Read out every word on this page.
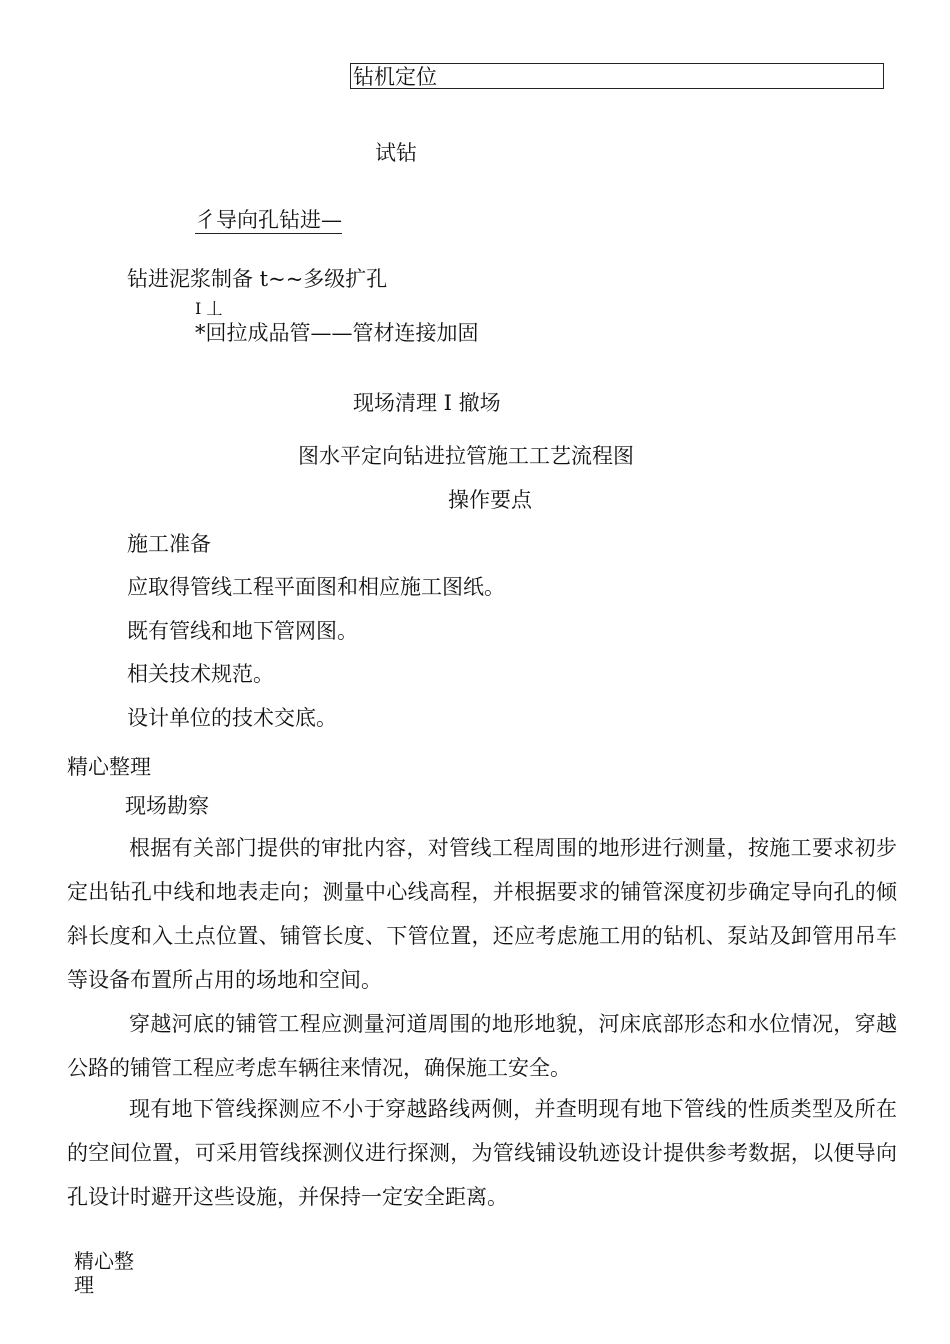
钻机定位
试钻
彳导向孔钻进—
钻进泥浆制备 t~~多级扩孔
I 丄
*回拉成品管——管材连接加固
现场清理 I 撤场
图水平定向钻进拉管施工工艺流程图
操作要点
施工准备
应取得管线工程平面图和相应施工图纸。
既有管线和地下管网图。
相关技术规范。
设计单位的技术交底。
精心整理
现场勘察
根据有关部门提供的审批内容，对管线工程周围的地形进行测量，按施工要求初步定出钻孔中线和地表走向；测量中心线高程，并根据要求的铺管深度初步确定导向孔的倾斜长度和入土点位置、铺管长度、下管位置，还应考虑施工用的钻机、泵站及卸管用吊车等设备布置所占用的场地和空间。
穿越河底的铺管工程应测量河道周围的地形地貌，河床底部形态和水位情况，穿越公路的铺管工程应考虑车辆往来情况，确保施工安全。
现有地下管线探测应不小于穿越路线两侧，并查明现有地下管线的性质类型及所在的空间位置，可采用管线探测仪进行探测，为管线铺设轨迹设计提供参考数据，以便导向孔设计时避开这些设施，并保持一定安全距离。
精心整
理
